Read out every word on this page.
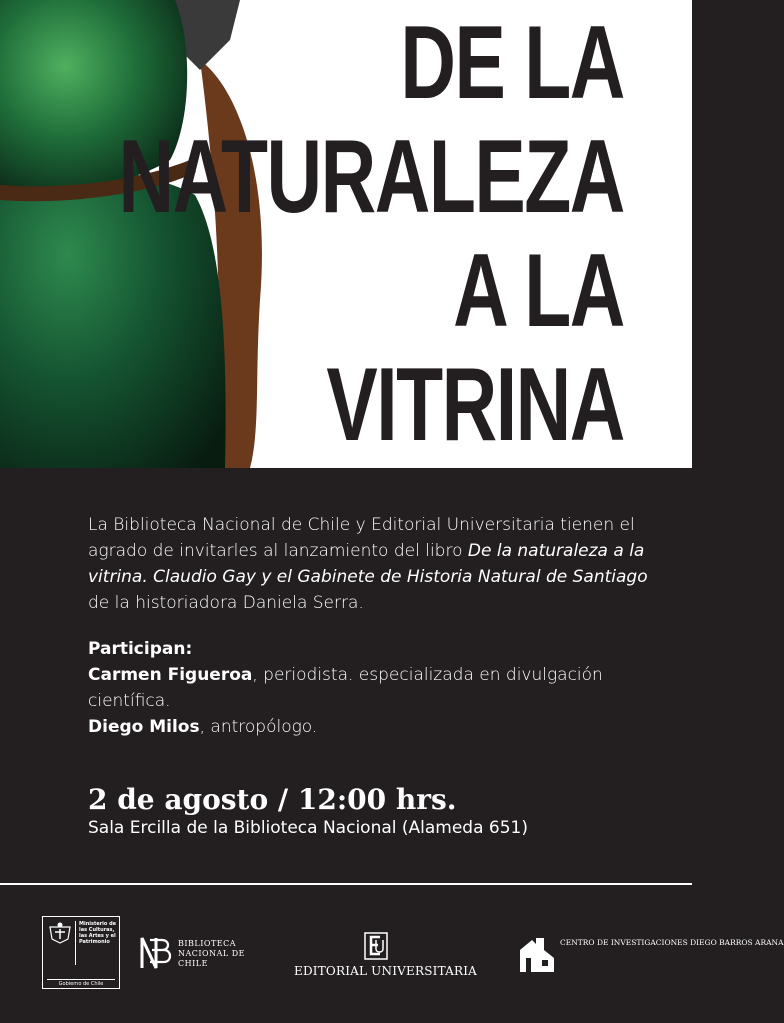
DE LA
NATURALEZA
A LA
VITRINA

La Biblioteca Nacional de Chile y Editorial Universitaria tienen el agrado de invitarles al lanzamiento del libro De la naturaleza a la vitrina. Claudio Gay y el Gabinete de Historia Natural de Santiago de la historiadora Daniela Serra.

Participan:

Carmen Figueroa, periodista. especializada en divulgación científica.

Diego Milos, antropólogo.

2 de agosto / 12:00 hrs.
Sala Ercilla de la Biblioteca Nacional (Alameda 651)
Ministerio de las Culturas, las Artes y el Patrimonio
Gobierno de Chile
BIBLIOTECA NACIONAL DE CHILE
EDITORIAL UNIVERSITARIA
CENTRO DE INVESTIGACIONES DIEGO BARROS ARANA
